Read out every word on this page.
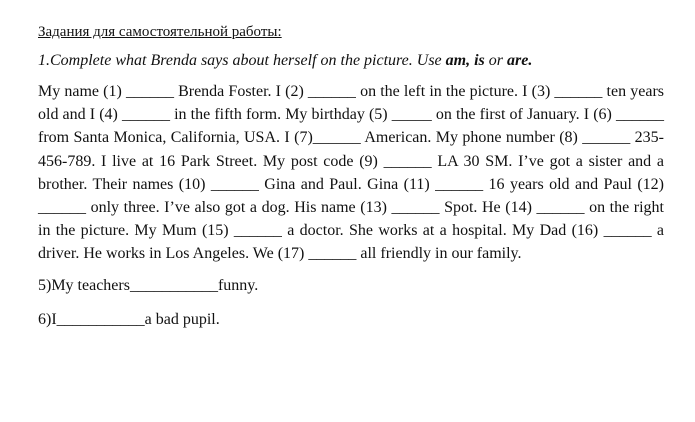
Задания для самостоятельной работы:
1.Complete what Brenda says about herself on the picture. Use am, is or are.

My name (1) ______ Brenda Foster. I (2) ______ on the left in the picture. I (3) ______ ten years old and I (4) ______ in the fifth form. My birthday (5) _____ on the first of January. I (6) ______ from Santa Monica, California, USA. I (7)______ American. My phone number (8) ______ 235-456-789. I live at 16 Park Street. My post code (9) ______ LA 30 SM. I’ve got a sister and a brother. Their names (10) ______ Gina and Paul. Gina (11) ______ 16 years old and Paul (12) ______ only three. I’ve also got a dog. His name (13) ______ Spot. He (14) ______ on the right in the picture. My Mum (15) ______ a doctor. She works at a hospital. My Dad (16) ______ a driver. He works in Los Angeles. We (17) ______ all friendly in our family.

5)My teachers___________funny.
6)I___________a bad pupil.
